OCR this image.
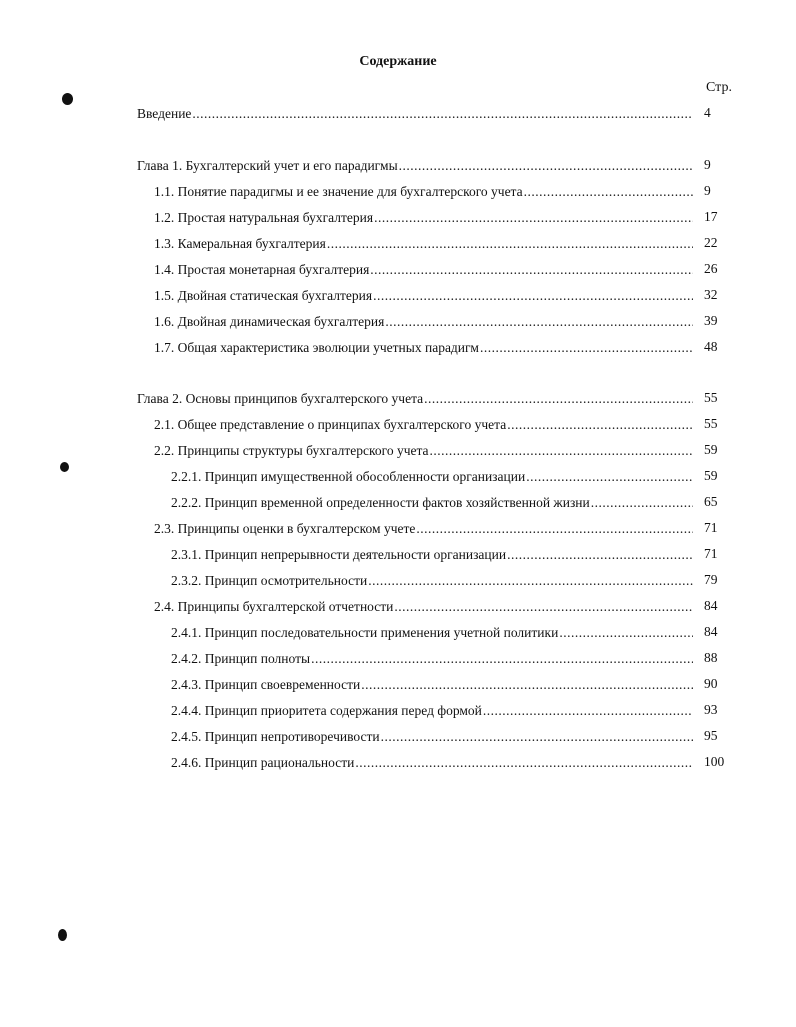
Содержание
Стр.
Введение
.....
Глава 1. Бухгалтерский учет и его парадигмы
.....
1.1. Понятие парадигмы и ее значение для бухгалтерского учета
.....
1.2. Простая натуральная бухгалтерия
.....
1.3. Камеральная бухгалтерия
.....
1.4. Простая монетарная бухгалтерия
.....
1.5. Двойная статическая бухгалтерия
.....
1.6. Двойная динамическая бухгалтерия
.....
1.7. Общая характеристика эволюции учетных парадигм
.....
Глава 2. Основы принципов бухгалтерского учета
.....
2.1. Общее представление о принципах бухгалтерского учета
.....
2.2. Принципы структуры бухгалтерского учета
.....
2.2.1. Принцип имущественной обособленности организации
.....
2.2.2. Принцип временной определенности фактов хозяйственной жизни
.....
2.3. Принципы оценки в бухгалтерском учете
.....
2.3.1. Принцип непрерывности деятельности организации
.....
2.3.2. Принцип осмотрительности
.....
2.4. Принципы бухгалтерской отчетности
.....
2.4.1. Принцип последовательности применения учетной политики
.....
2.4.2. Принцип полноты
.....
2.4.3. Принцип своевременности
.....
2.4.4. Принцип приоритета содержания перед формой
.....
2.4.5. Принцип непротиворечивости
.....
2.4.6. Принцип рациональности
.....
4
9
9
17
22
26
32
39
48
55
55
59
59
65
71
71
79
84
84
88
90
93
95
100
